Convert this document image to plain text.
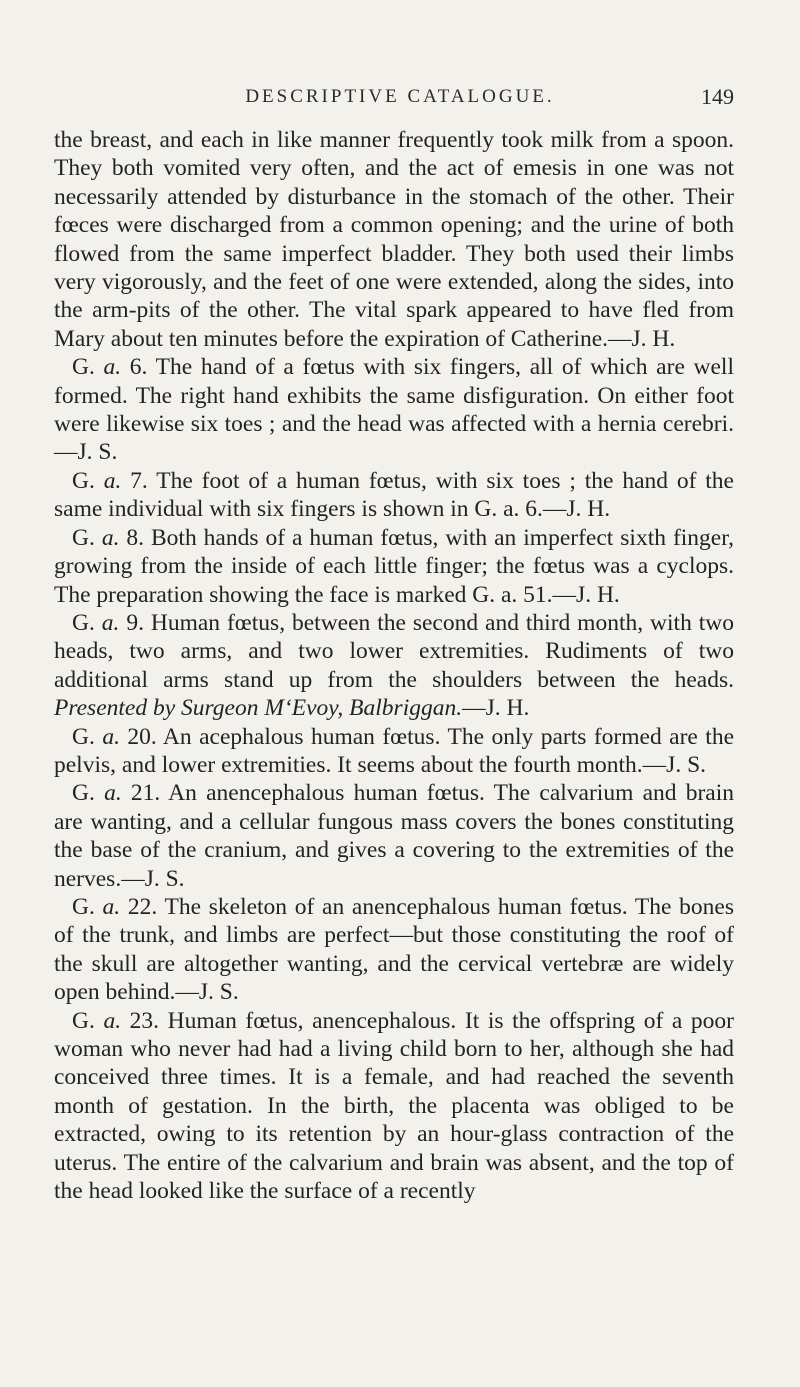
DESCRIPTIVE CATALOGUE.	149

the breast, and each in like manner frequently took milk from a spoon. They both vomited very often, and the act of emesis in one was not necessarily attended by disturbance in the stomach of the other. Their fœces were discharged from a common opening; and the urine of both flowed from the same imperfect bladder. They both used their limbs very vigorously, and the feet of one were extended, along the sides, into the arm-pits of the other. The vital spark appeared to have fled from Mary about ten minutes before the expiration of Catherine.—J. H.

G. a. 6. The hand of a fœtus with six fingers, all of which are well formed. The right hand exhibits the same disfiguration. On either foot were likewise six toes ; and the head was affected with a hernia cerebri.—J. S.

G. a. 7. The foot of a human fœtus, with six toes ; the hand of the same individual with six fingers is shown in G. a. 6.—J. H.

G. a. 8. Both hands of a human fœtus, with an imperfect sixth finger, growing from the inside of each little finger; the fœtus was a cyclops. The preparation showing the face is marked G. a. 51.—J. H.

G. a. 9. Human fœtus, between the second and third month, with two heads, two arms, and two lower extremities. Rudiments of two additional arms stand up from the shoulders between the heads. Presented by Surgeon M‘Evoy, Balbriggan.—J. H.

G. a. 20. An acephalous human fœtus. The only parts formed are the pelvis, and lower extremities. It seems about the fourth month.—J. S.

G. a. 21. An anencephalous human fœtus. The calvarium and brain are wanting, and a cellular fungous mass covers the bones constituting the base of the cranium, and gives a covering to the extremities of the nerves.—J. S.

G. a. 22. The skeleton of an anencephalous human fœtus. The bones of the trunk, and limbs are perfect—but those constituting the roof of the skull are altogether wanting, and the cervical vertebræ are widely open behind.—J. S.

G. a. 23. Human fœtus, anencephalous. It is the offspring of a poor woman who never had had a living child born to her, although she had conceived three times. It is a female, and had reached the seventh month of gestation. In the birth, the placenta was obliged to be extracted, owing to its retention by an hour-glass contraction of the uterus. The entire of the calvarium and brain was absent, and the top of the head looked like the surface of a recently
